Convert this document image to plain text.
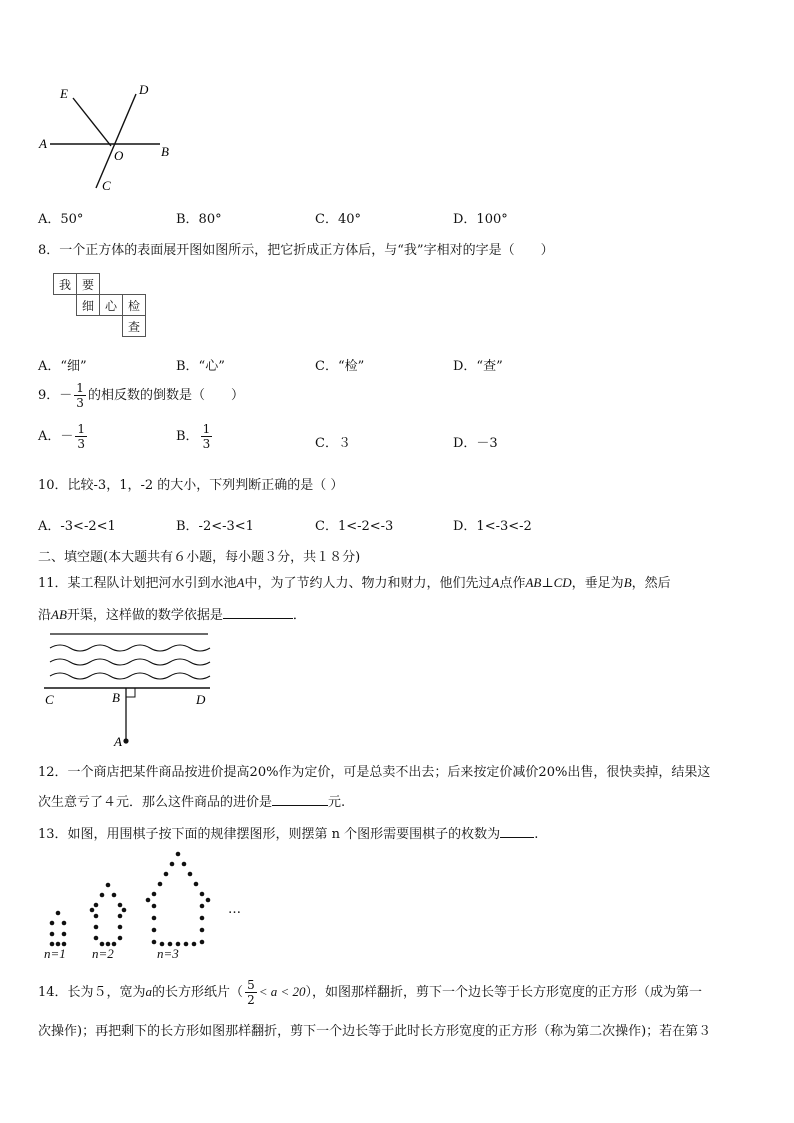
E	D
A
O	B
C
A．50°	B．80°	C．40°	D．100°
8．一个正方体的表面展开图如图所示，把它折成正方体后，与“我”字相对的字是（　　）
我	要		
	细	心	检
			查
A．“细”	B．“心”	C．“检”	D．“查”
9．－ $\frac{1}{3}$ 的相反数的倒数是（　　）
A．－ $\frac{1}{3}$	B． $\frac{1}{3}$	C．３	D．－3
10．比较-3，1，-2 的大小，下列判断正确的是（ ）
A．-3<-2<1	B．-2<-3<1	C．1<-2<-3	D．1<-3<-2
二、填空题(本大题共有６小题，每小题３分，共１８分)
11．某工程队计划把河水引到水池A中，为了节约人力、物力和财力，他们先过A点作AB⊥CD，垂足为B，然后
沿AB开渠，这样做的数学依据是	．
C	B	D
A
12．一个商店把某件商品按进价提高20%作为定价，可是总卖不出去；后来按定价减价20%出售，很快卖掉，结果这
次生意亏了４元．那么这件商品的进价是	元.
13．如图，用围棋子按下面的规律摆图形，则摆第 n 个图形需要围棋子的枚数为	.
…
n=1 n=2	n=3
14．长为５，宽为a的长方形纸片（ $\frac{5}{2} < a < 20$），如图那样翻折，剪下一个边长等于长方形宽度的正方形（成为第一
次操作)；再把剩下的长方形如图那样翻折，剪下一个边长等于此时长方形宽度的正方形（称为第二次操作)；若在第３
